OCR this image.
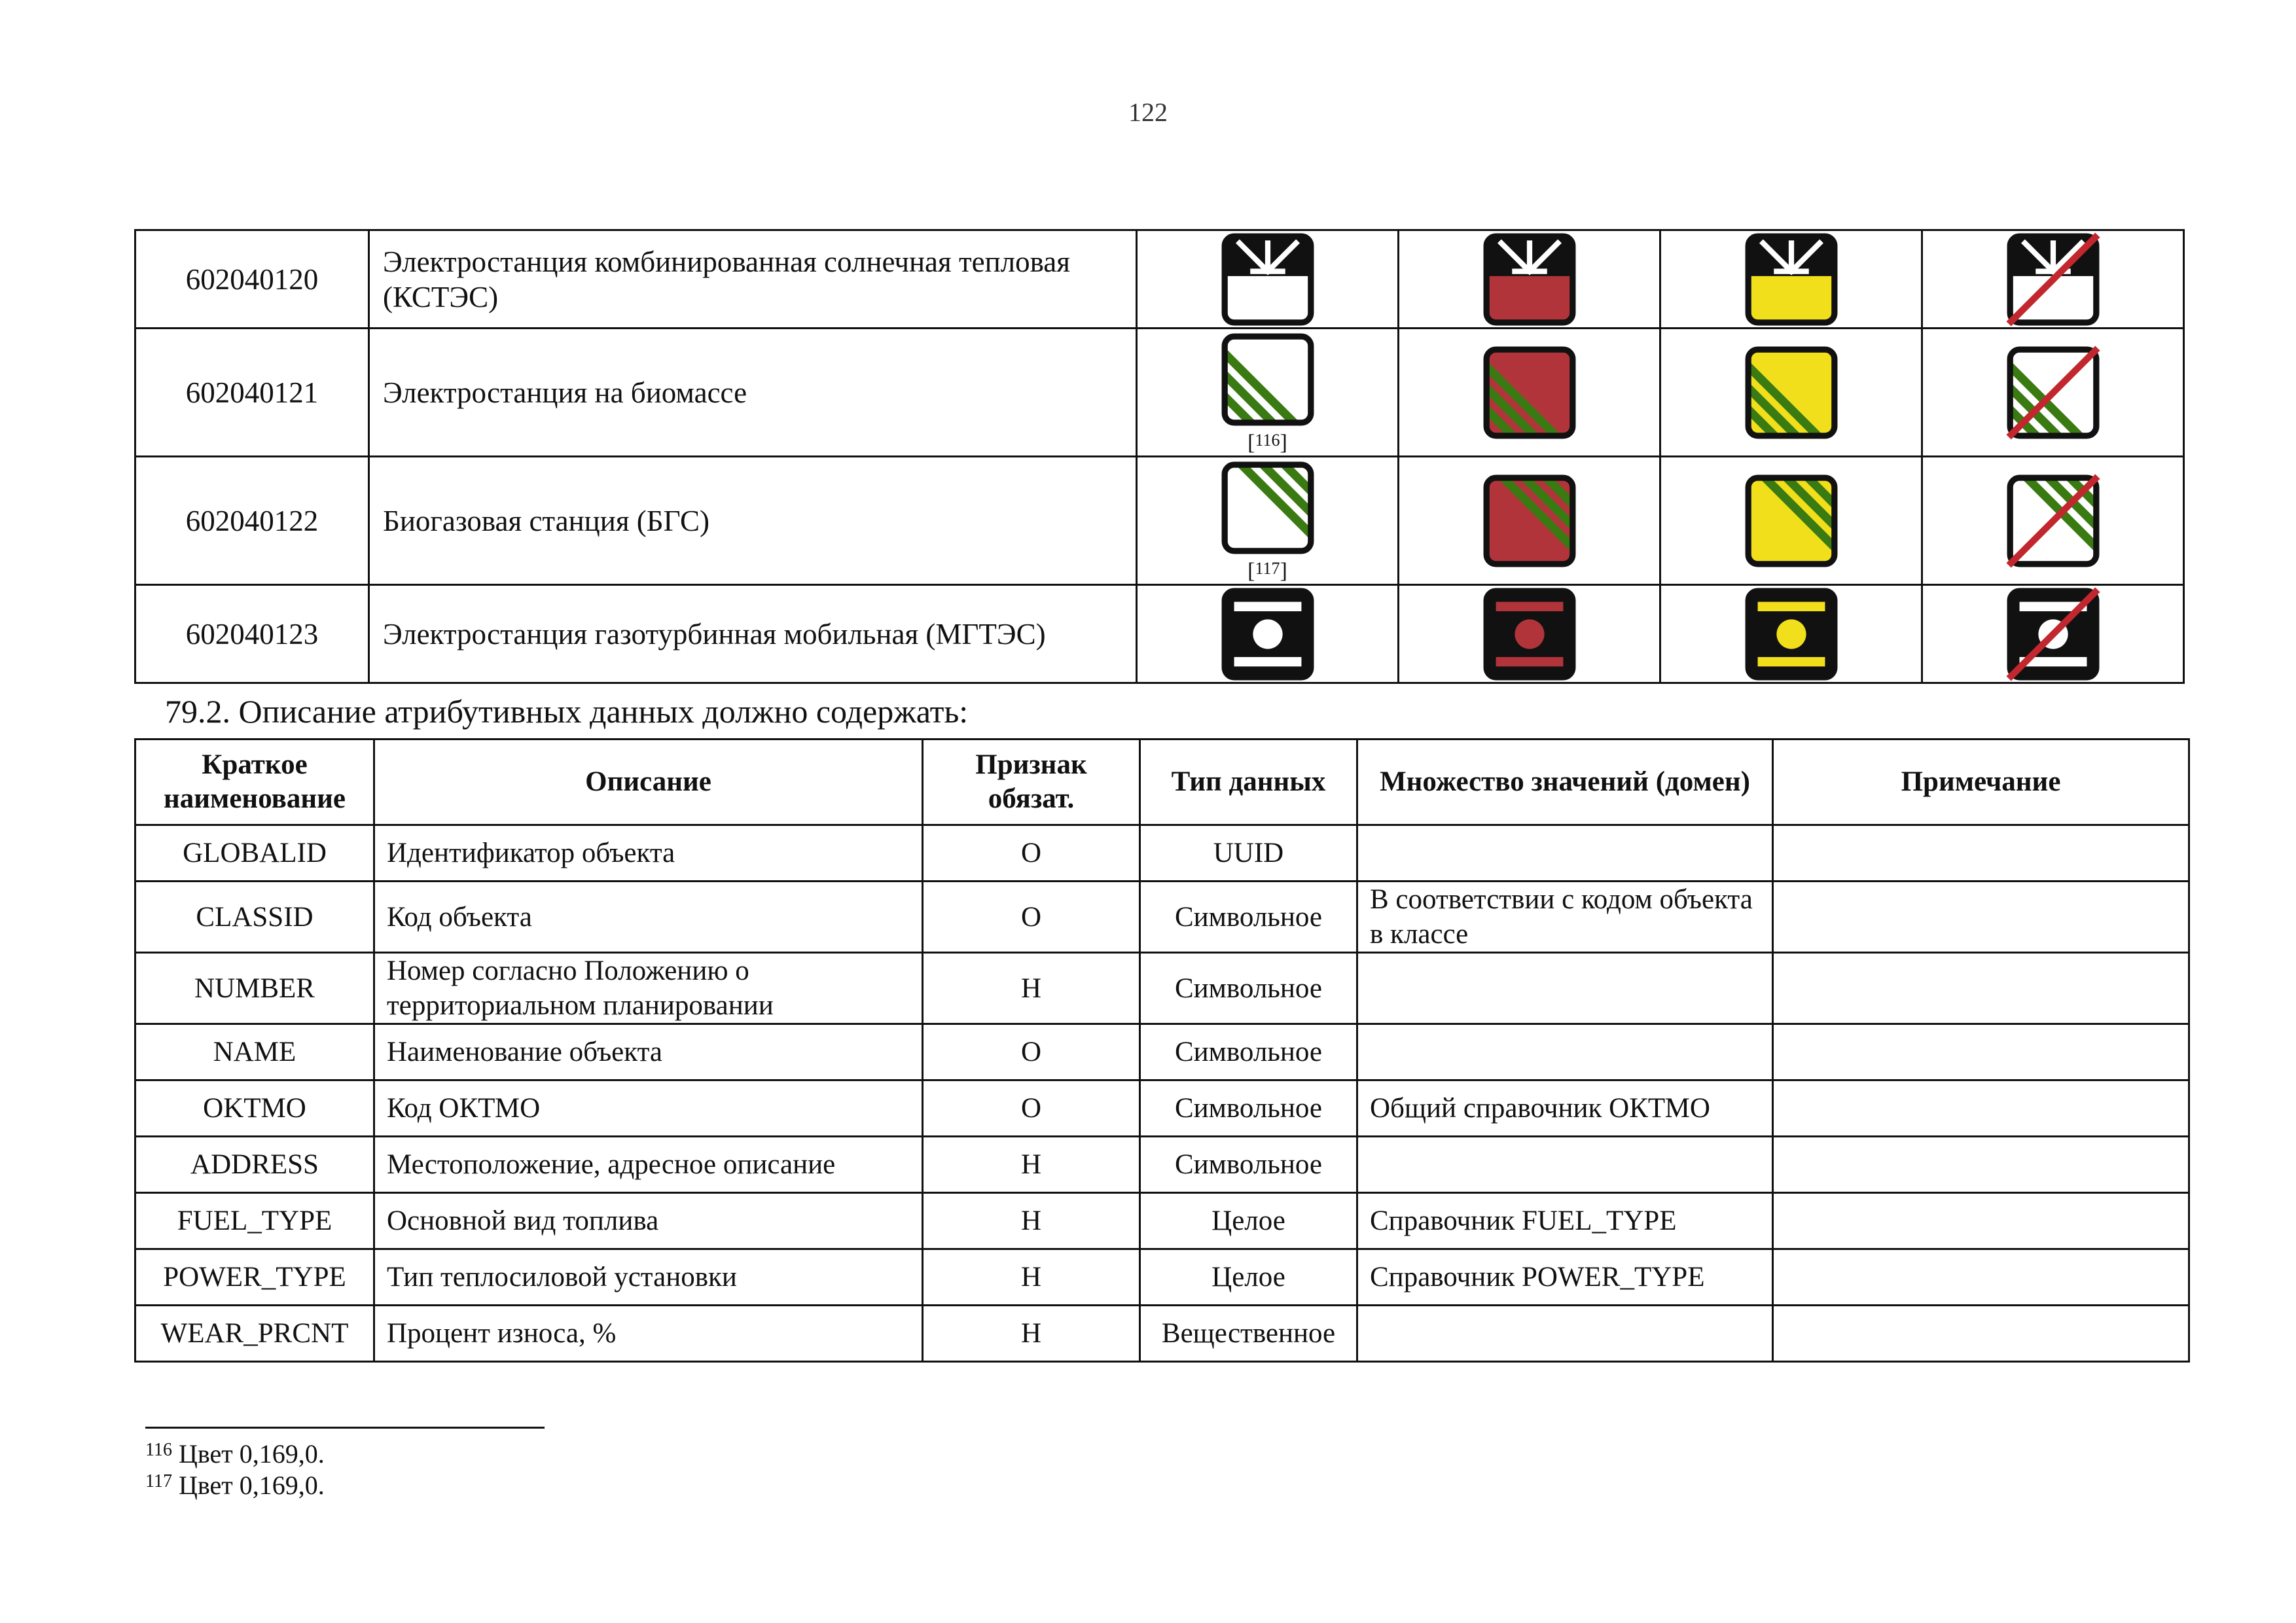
122
602040120	Электростанция комбинированная солнечная тепловая (КСТЭС)	

602040121	Электростанция на биомассе	[$^{116}$]

602040122	Биогазовая станция (БГС)	[$^{117}$]

602040123	Электростанция газотурбинная мобильная (МГТЭС)	

79.2. Описание атрибутивных данных должно содержать:
Краткое наименование	Описание	Признак обязат.	Тип данных	Множество значений (домен)	Примечание
GLOBALID	Идентификатор объекта	О	UUID		
CLASSID	Код объекта	О	Символьное	В соответствии с кодом объекта в классе	
NUMBER	Номер согласно Положению о территориальном планировании	Н	Символьное		
NAME	Наименование объекта	О	Символьное		
OKTMO	Код ОКТМО	О	Символьное	Общий справочник ОКТМО	
ADDRESS	Местоположение, адресное описание	Н	Символьное		
FUEL_TYPE	Основной вид топлива	Н	Целое	Справочник FUEL_TYPE	
POWER_TYPE	Тип теплосиловой установки	Н	Целое	Справочник POWER_TYPE	
WEAR_PRCNT	Процент износа, %	Н	Вещественное		
$^{116}$ Цвет 0,169,0.
$^{117}$ Цвет 0,169,0.
